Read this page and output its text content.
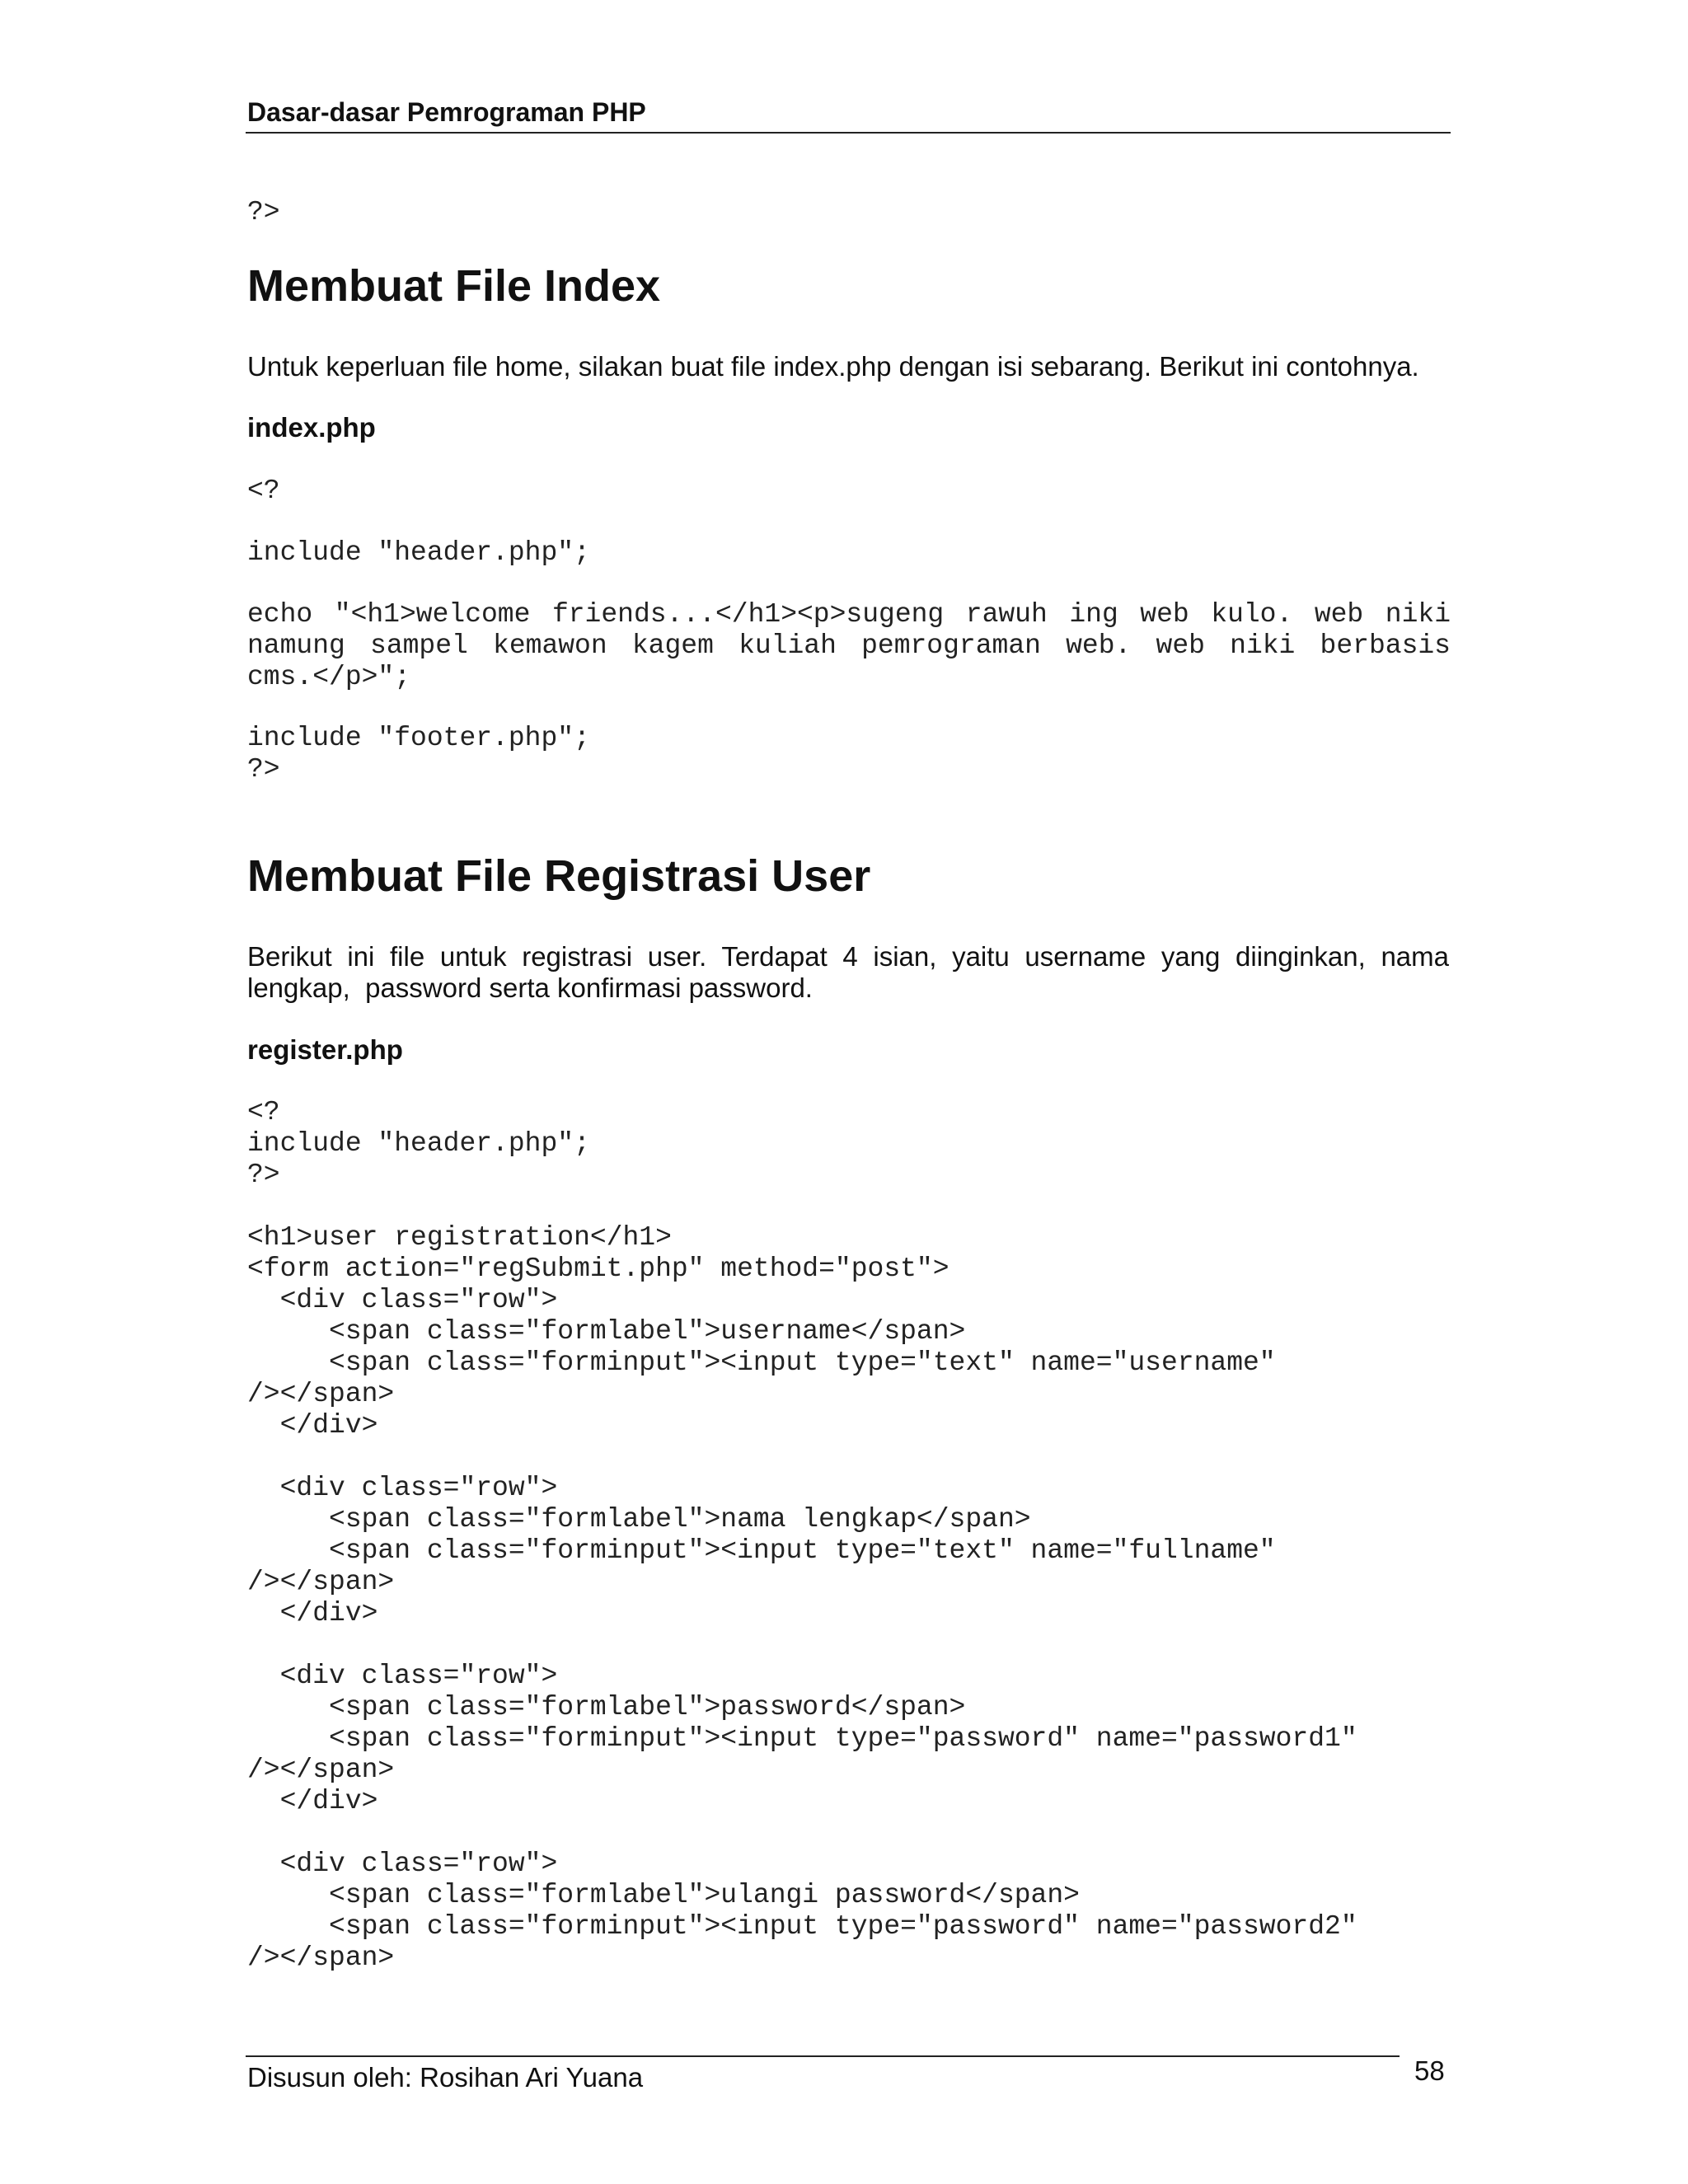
Dasar-dasar Pemrograman PHP
?>
Membuat File Index
Untuk keperluan file home, silakan buat file index.php dengan isi sebarang. Berikut ini contohnya.
index.php
<?
include "header.php";
echo "<h1>welcome friends...</h1><p>sugeng rawuh ing web kulo. web niki
namung sampel kemawon kagem kuliah pemrograman web. web niki berbasis
cms.</p>";
include "footer.php";
?>
Membuat File Registrasi User
Berikut ini file untuk registrasi user. Terdapat 4 isian, yaitu username yang diinginkan, nama
lengkap,  password serta konfirmasi password.
register.php
<?
include "header.php";
?>

<h1>user registration</h1>
<form action="regSubmit.php" method="post">
<div class="row">
<span class="formlabel">username</span>
<span class="forminput"><input type="text" name="username"
/></span>
</div>

<div class="row">
<span class="formlabel">nama lengkap</span>
<span class="forminput"><input type="text" name="fullname"
/></span>
</div>

<div class="row">
<span class="formlabel">password</span>
<span class="forminput"><input type="password" name="password1"
/></span>
</div>

<div class="row">
<span class="formlabel">ulangi password</span>
<span class="forminput"><input type="password" name="password2"
/></span>
Disusun oleh: Rosihan Ari Yuana	58
